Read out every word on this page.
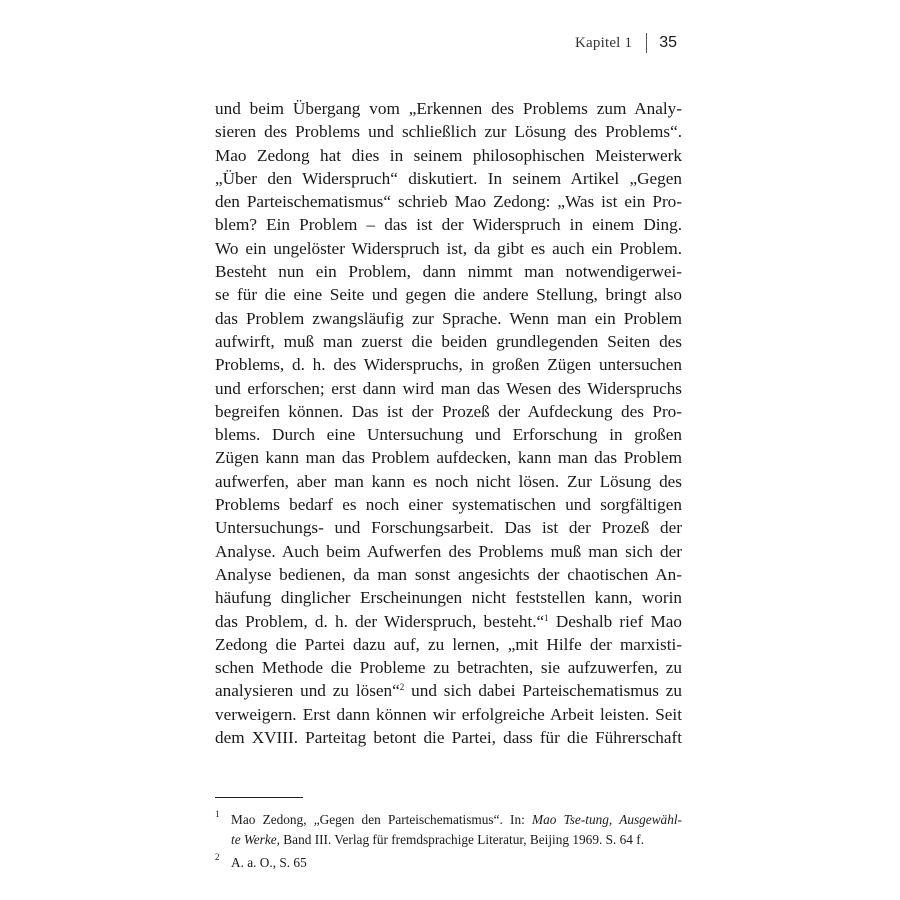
Kapitel 1 35
und beim Übergang vom „Erkennen des Problems zum Analy-
sieren des Problems und schließlich zur Lösung des Problems“.
Mao Zedong hat dies in seinem philosophischen Meisterwerk
„Über den Widerspruch“ diskutiert. In seinem Artikel „Gegen
den Parteischematismus“ schrieb Mao Zedong: „Was ist ein Pro-
blem? Ein Problem – das ist der Widerspruch in einem Ding.
Wo ein ungelöster Widerspruch ist, da gibt es auch ein Problem.
Besteht nun ein Problem, dann nimmt man notwendigerwei-
se für die eine Seite und gegen die andere Stellung, bringt also
das Problem zwangsläufig zur Sprache. Wenn man ein Problem
aufwirft, muß man zuerst die beiden grundlegenden Seiten des
Problems, d. h. des Widerspruchs, in großen Zügen untersuchen
und erforschen; erst dann wird man das Wesen des Widerspruchs
begreifen können. Das ist der Prozeß der Aufdeckung des Pro-
blems. Durch eine Untersuchung und Erforschung in großen
Zügen kann man das Problem aufdecken, kann man das Problem
aufwerfen, aber man kann es noch nicht lösen. Zur Lösung des
Problems bedarf es noch einer systematischen und sorgfältigen
Untersuchungs- und Forschungsarbeit. Das ist der Prozeß der
Analyse. Auch beim Aufwerfen des Problems muß man sich der
Analyse bedienen, da man sonst angesichts der chaotischen An-
häufung dinglicher Erscheinungen nicht feststellen kann, worin
das Problem, d. h. der Widerspruch, besteht.“$^1$ Deshalb rief Mao
Zedong die Partei dazu auf, zu lernen, „mit Hilfe der marxisti-
schen Methode die Probleme zu betrachten, sie aufzuwerfen, zu
analysieren und zu lösen“$^2$ und sich dabei Parteischematismus zu
verweigern. Erst dann können wir erfolgreiche Arbeit leisten. Seit
dem XVIII. Parteitag betont die Partei, dass für die Führerschaft
1 Mao Zedong, „Gegen den Parteischematismus“. In: Mao Tse-tung, Ausgewähl-
te Werke, Band III. Verlag für fremdsprachige Literatur, Beijing 1969. S. 64 f.
2 A. a. O., S. 65
